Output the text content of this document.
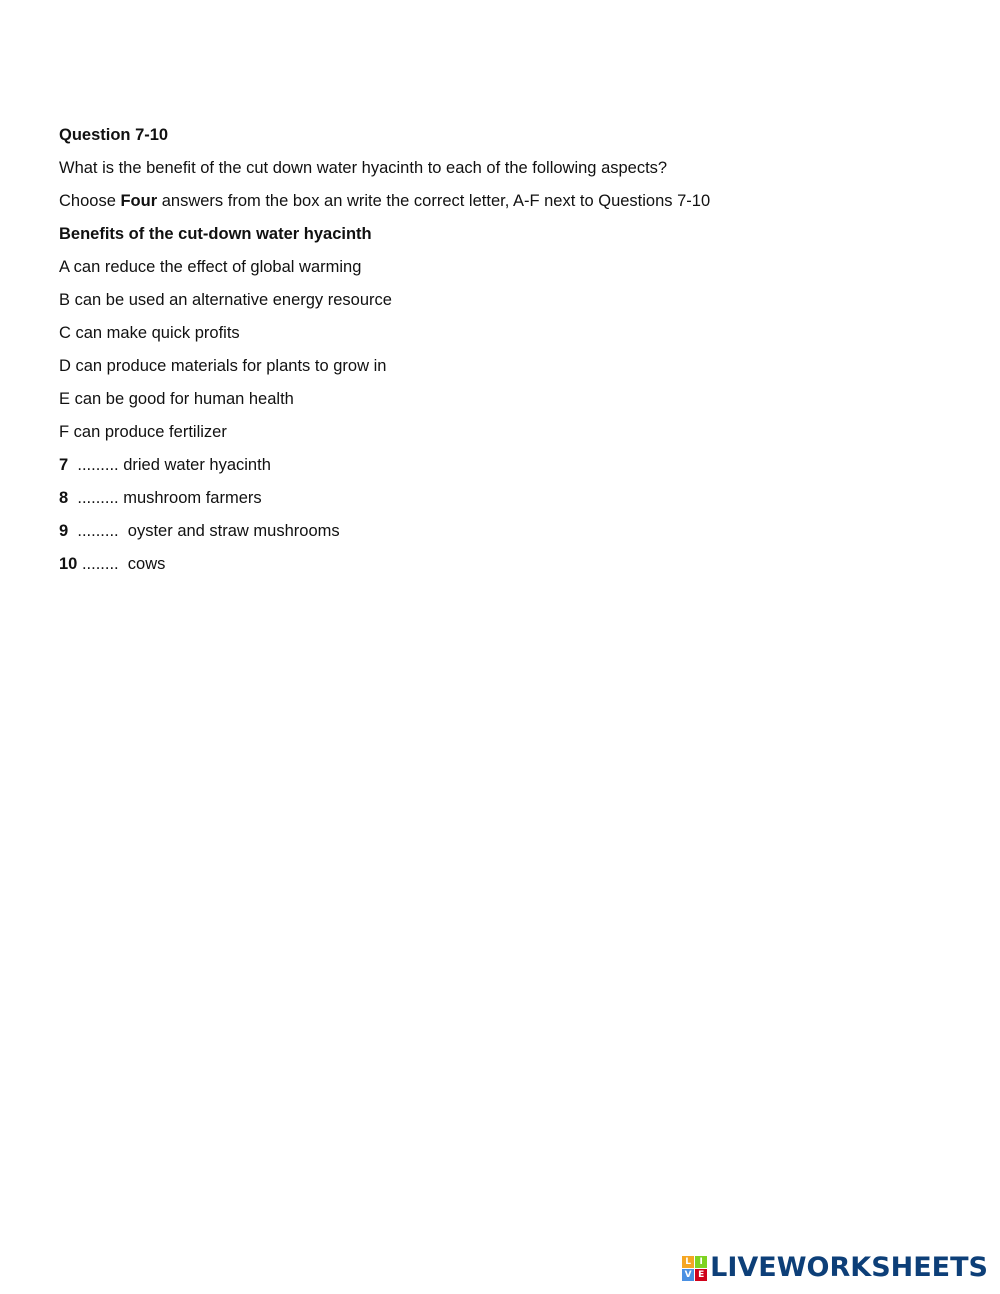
Question 7-10
What is the benefit of the cut down water hyacinth to each of the following aspects?
Choose Four answers from the box an write the correct letter, A-F next to Questions 7-10
Benefits of the cut-down water hyacinth
A can reduce the effect of global warming
B can be used an alternative energy resource
C can make quick profits
D can produce materials for plants to grow in
E can be good for human health
F can produce fertilizer
7  ......... dried water hyacinth
8  ......... mushroom farmers
9  .........  oyster and straw mushrooms
10 ........  cows
L I
V E LIVEWORKSHEETS
